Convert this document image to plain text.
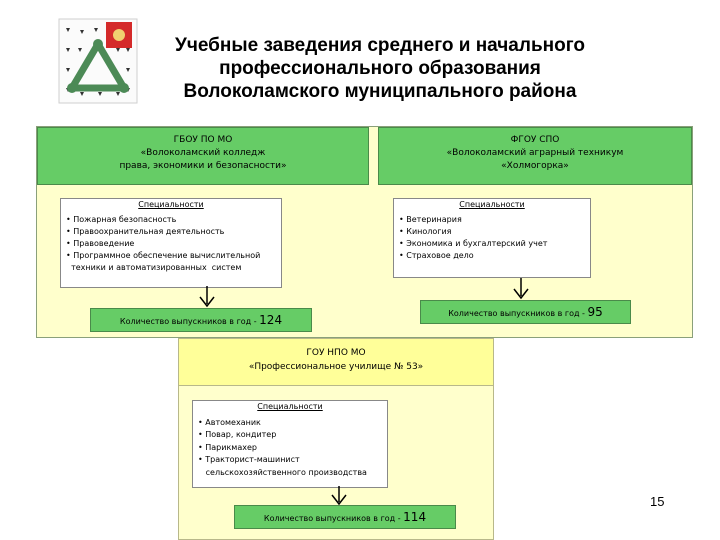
Учебные заведения среднего и начального
профессионального образования
Волоколамского муниципального района
ГБОУ ПО МО
«Волоколамский колледж
права, экономики и безопасности»
ФГОУ СПО
«Волоколамский аграрный техникум
«Холмогорка»
Специальности
• Пожарная безопасность
• Правоохранительная деятельность
• Правоведение
• Программное обеспечение вычислительной
техники и автоматизированных  систем
Специальности
• Ветеринария
• Кинология
• Экономика и бухгалтерский учет
• Страховое дело
Количество выпускников в год - 124	Количество выпускников в год - 95
ГОУ НПО МО
«Профессиональное училище № 53»
Специальности
• Автомеханик
• Повар, кондитер
• Парикмахер
• Тракторист-машинист
сельскохозяйственного производства
Количество выпускников в год - 114
15
